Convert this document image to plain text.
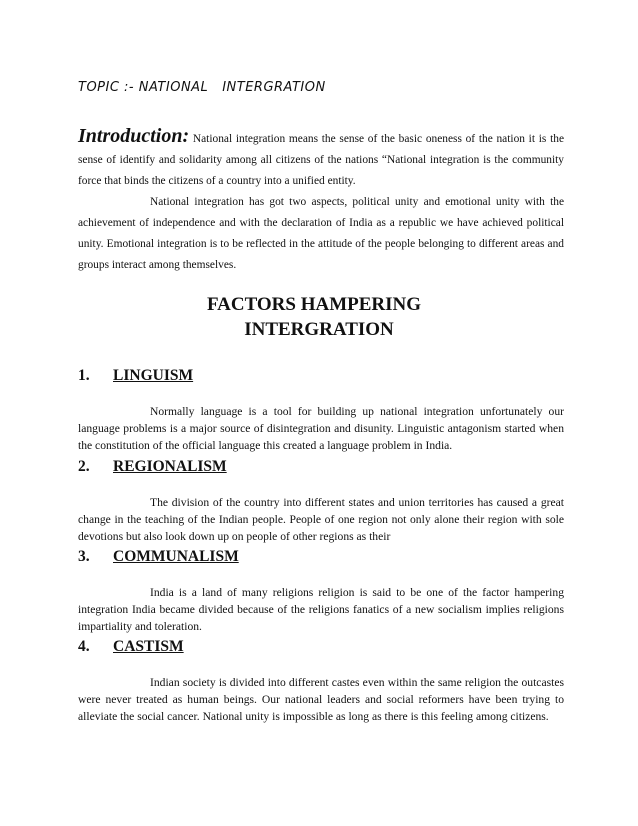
TOPIC :- NATIONAL   INTERGRATION

Introduction: National integration means the sense of the basic oneness of the nation it is the sense of identify and solidarity among all citizens of the nations “National integration is the community force that binds the citizens of a country into a unified entity.

National integration has got two aspects, political unity and emotional unity with the achievement of independence and with the declaration of India as a republic we have achieved political unity. Emotional integration is to be reflected in the attitude of the people belonging to different areas and groups interact among themselves.

FACTORS HAMPERING
INTERGRATION
1. LINGUISM
Normally language is a tool for building up national integration unfortunately our language problems is a major source of disintegration and disunity. Linguistic antagonism started when the constitution of the official language this created a language problem in India.
2. REGIONALISM
The division of the country into different states and union territories has caused a great change in the teaching of the Indian people. People of one region not only alone their region with sole devotions but also look down up on people of other regions as their
3. COMMUNALISM
India is a land of many religions religion is said to be one of the factor hampering integration India became divided because of the religions fanatics of a new socialism implies religions impartiality and toleration.
4. CASTISM
Indian society is divided into different castes even within the same religion the outcastes were never treated as human beings. Our national leaders and social reformers have been trying to alleviate the social cancer. National unity is impossible as long as there is this feeling among citizens.
